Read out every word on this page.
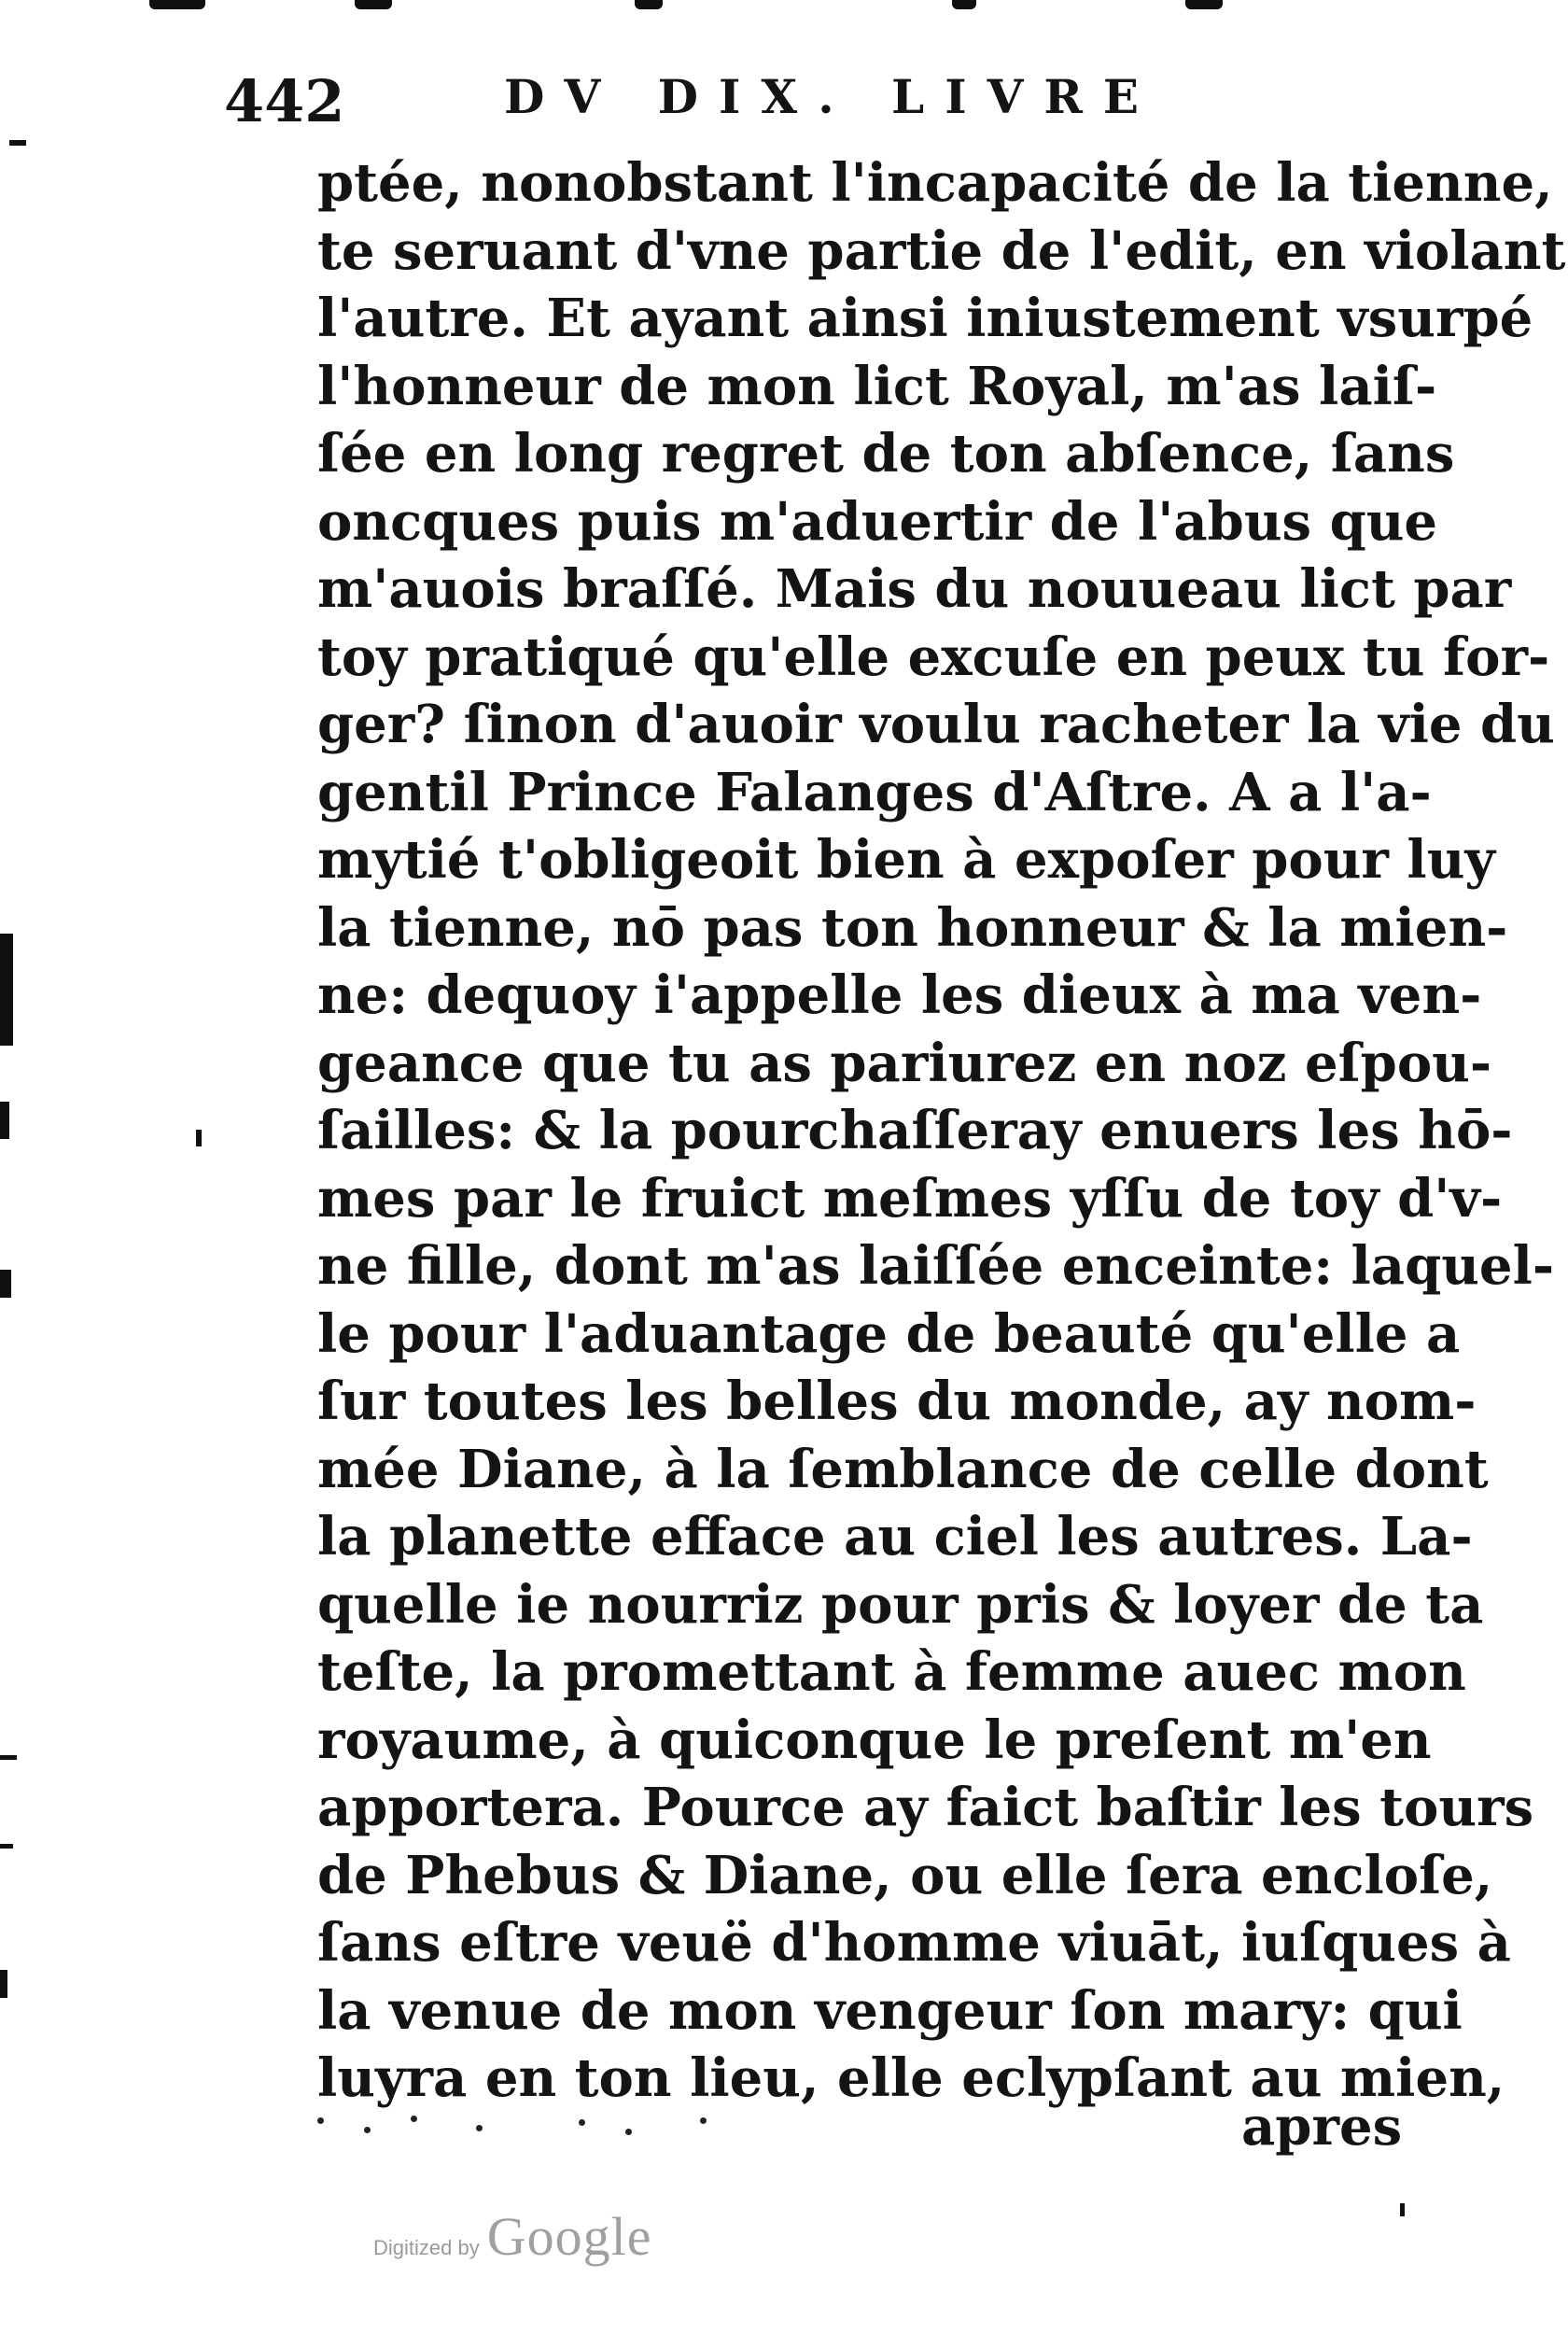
442	DV DIX. LIVRE
ptée, nonobstant l'incapacité de la tienne,
te seruant d'vne partie de l'edit, en violant
l'autre. Et ayant ainsi iniustement vsurpé
l'honneur de mon lict Royal, m'as laiſ-
ſée en long regret de ton abſence, ſans
oncques puis m'aduertir de l'abus que
m'auois braſſé. Mais du nouueau lict par
toy pratiqué qu'elle excuſe en peux tu for-
ger? ſinon d'auoir voulu racheter la vie du
gentil Prince Falanges d'Aſtre. A a l'a-
mytié t'obligeoit bien à expoſer pour luy
la tienne, nō pas ton honneur & la mien-
ne: dequoy i'appelle les dieux à ma ven-
geance que tu as pariurez en noz eſpou-
ſailles: & la pourchaſſeray enuers les hō-
mes par le fruict meſmes yſſu de toy d'v-
ne fille, dont m'as laiſſée enceinte: laquel-
le pour l'aduantage de beauté qu'elle a
ſur toutes les belles du monde, ay nom-
mée Diane, à la ſemblance de celle dont
la planette efface au ciel les autres. La-
quelle ie nourriz pour pris & loyer de ta
teſte, la promettant à femme auec mon
royaume, à quiconque le preſent m'en
apportera. Pource ay faict baſtir les tours
de Phebus & Diane, ou elle ſera encloſe,
ſans eſtre veuë d'homme viuāt, iuſques à
la venue de mon vengeur ſon mary: qui
luyra en ton lieu, elle eclypſant au mien,
apres
Digitized by Google
